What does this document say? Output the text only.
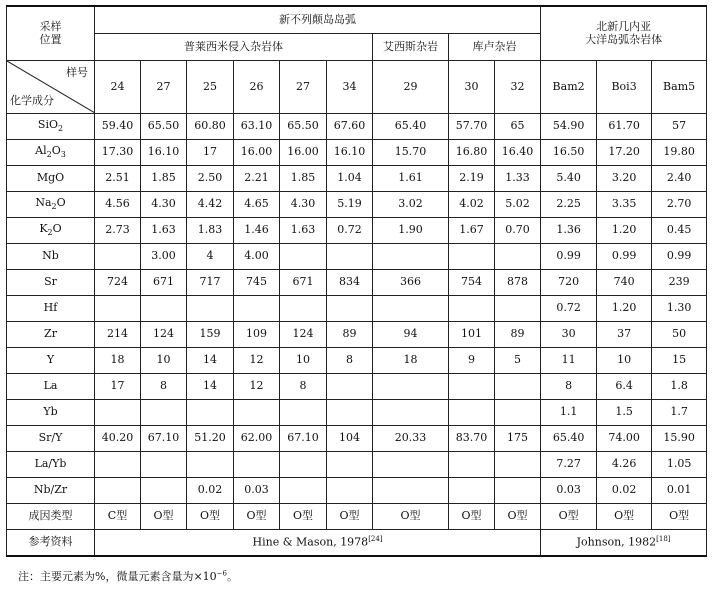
采样
位置	新不列颠岛岛弧									北新几内亚
大洋岛弧杂岩体		
	普莱西米侵入杂岩体						艾西斯杂岩	库卢杂岩				

样号
化学成分	24	27	25	26	27	34	29	30	32	Bam2	Boi3	Bam5
SiO$_2$	59.40	65.50	60.80	63.10	65.50	67.60	65.40	57.70	65	54.90	61.70	57
$Al_2O_3$	17.30	16.10	17	16.00	16.00	16.10	15.70	16.80	16.40	16.50	17.20	19.80
MgO	2.51	1.85	2.50	2.21	1.85	1.04	1.61	2.19	1.33	5.40	3.20	2.40
$Na_2O$	4.56	4.30	4.42	4.65	4.30	5.19	3.02	4.02	5.02	2.25	3.35	2.70
$K_2O$	2.73	1.63	1.83	1.46	1.63	0.72	1.90	1.67	0.70	1.36	1.20	0.45
Nb		3.00	4	4.00						0.99	0.99	0.99
Sr	724	671	717	745	671	834	366	754	878	720	740	239
Hf										0.72	1.20	1.30
Zr	214	124	159	109	124	89	94	101	89	30	37	50
Y	18	10	14	12	10	8	18	9	5	11	10	15
La	17	8	14	12	8					8	6.4	1.8
Yb										1.1	1.5	1.7
Sr/Y	40.20	67.10	51.20	62.00	67.10	104	20.33	83.70	175	65.40	74.00	15.90
La/Yb										7.27	4.26	1.05
Nb/Zr			0.02	0.03						0.03	0.02	0.01
成因类型	C型	O型	O型	O型	O型	O型	O型	O型	O型	O型	O型	O型
参考资料	Hine & Mason, 1978[24]									Johnson, 1982[18]
注：主要元素为%，微量元素含量为$\times 10^{-6}$。
